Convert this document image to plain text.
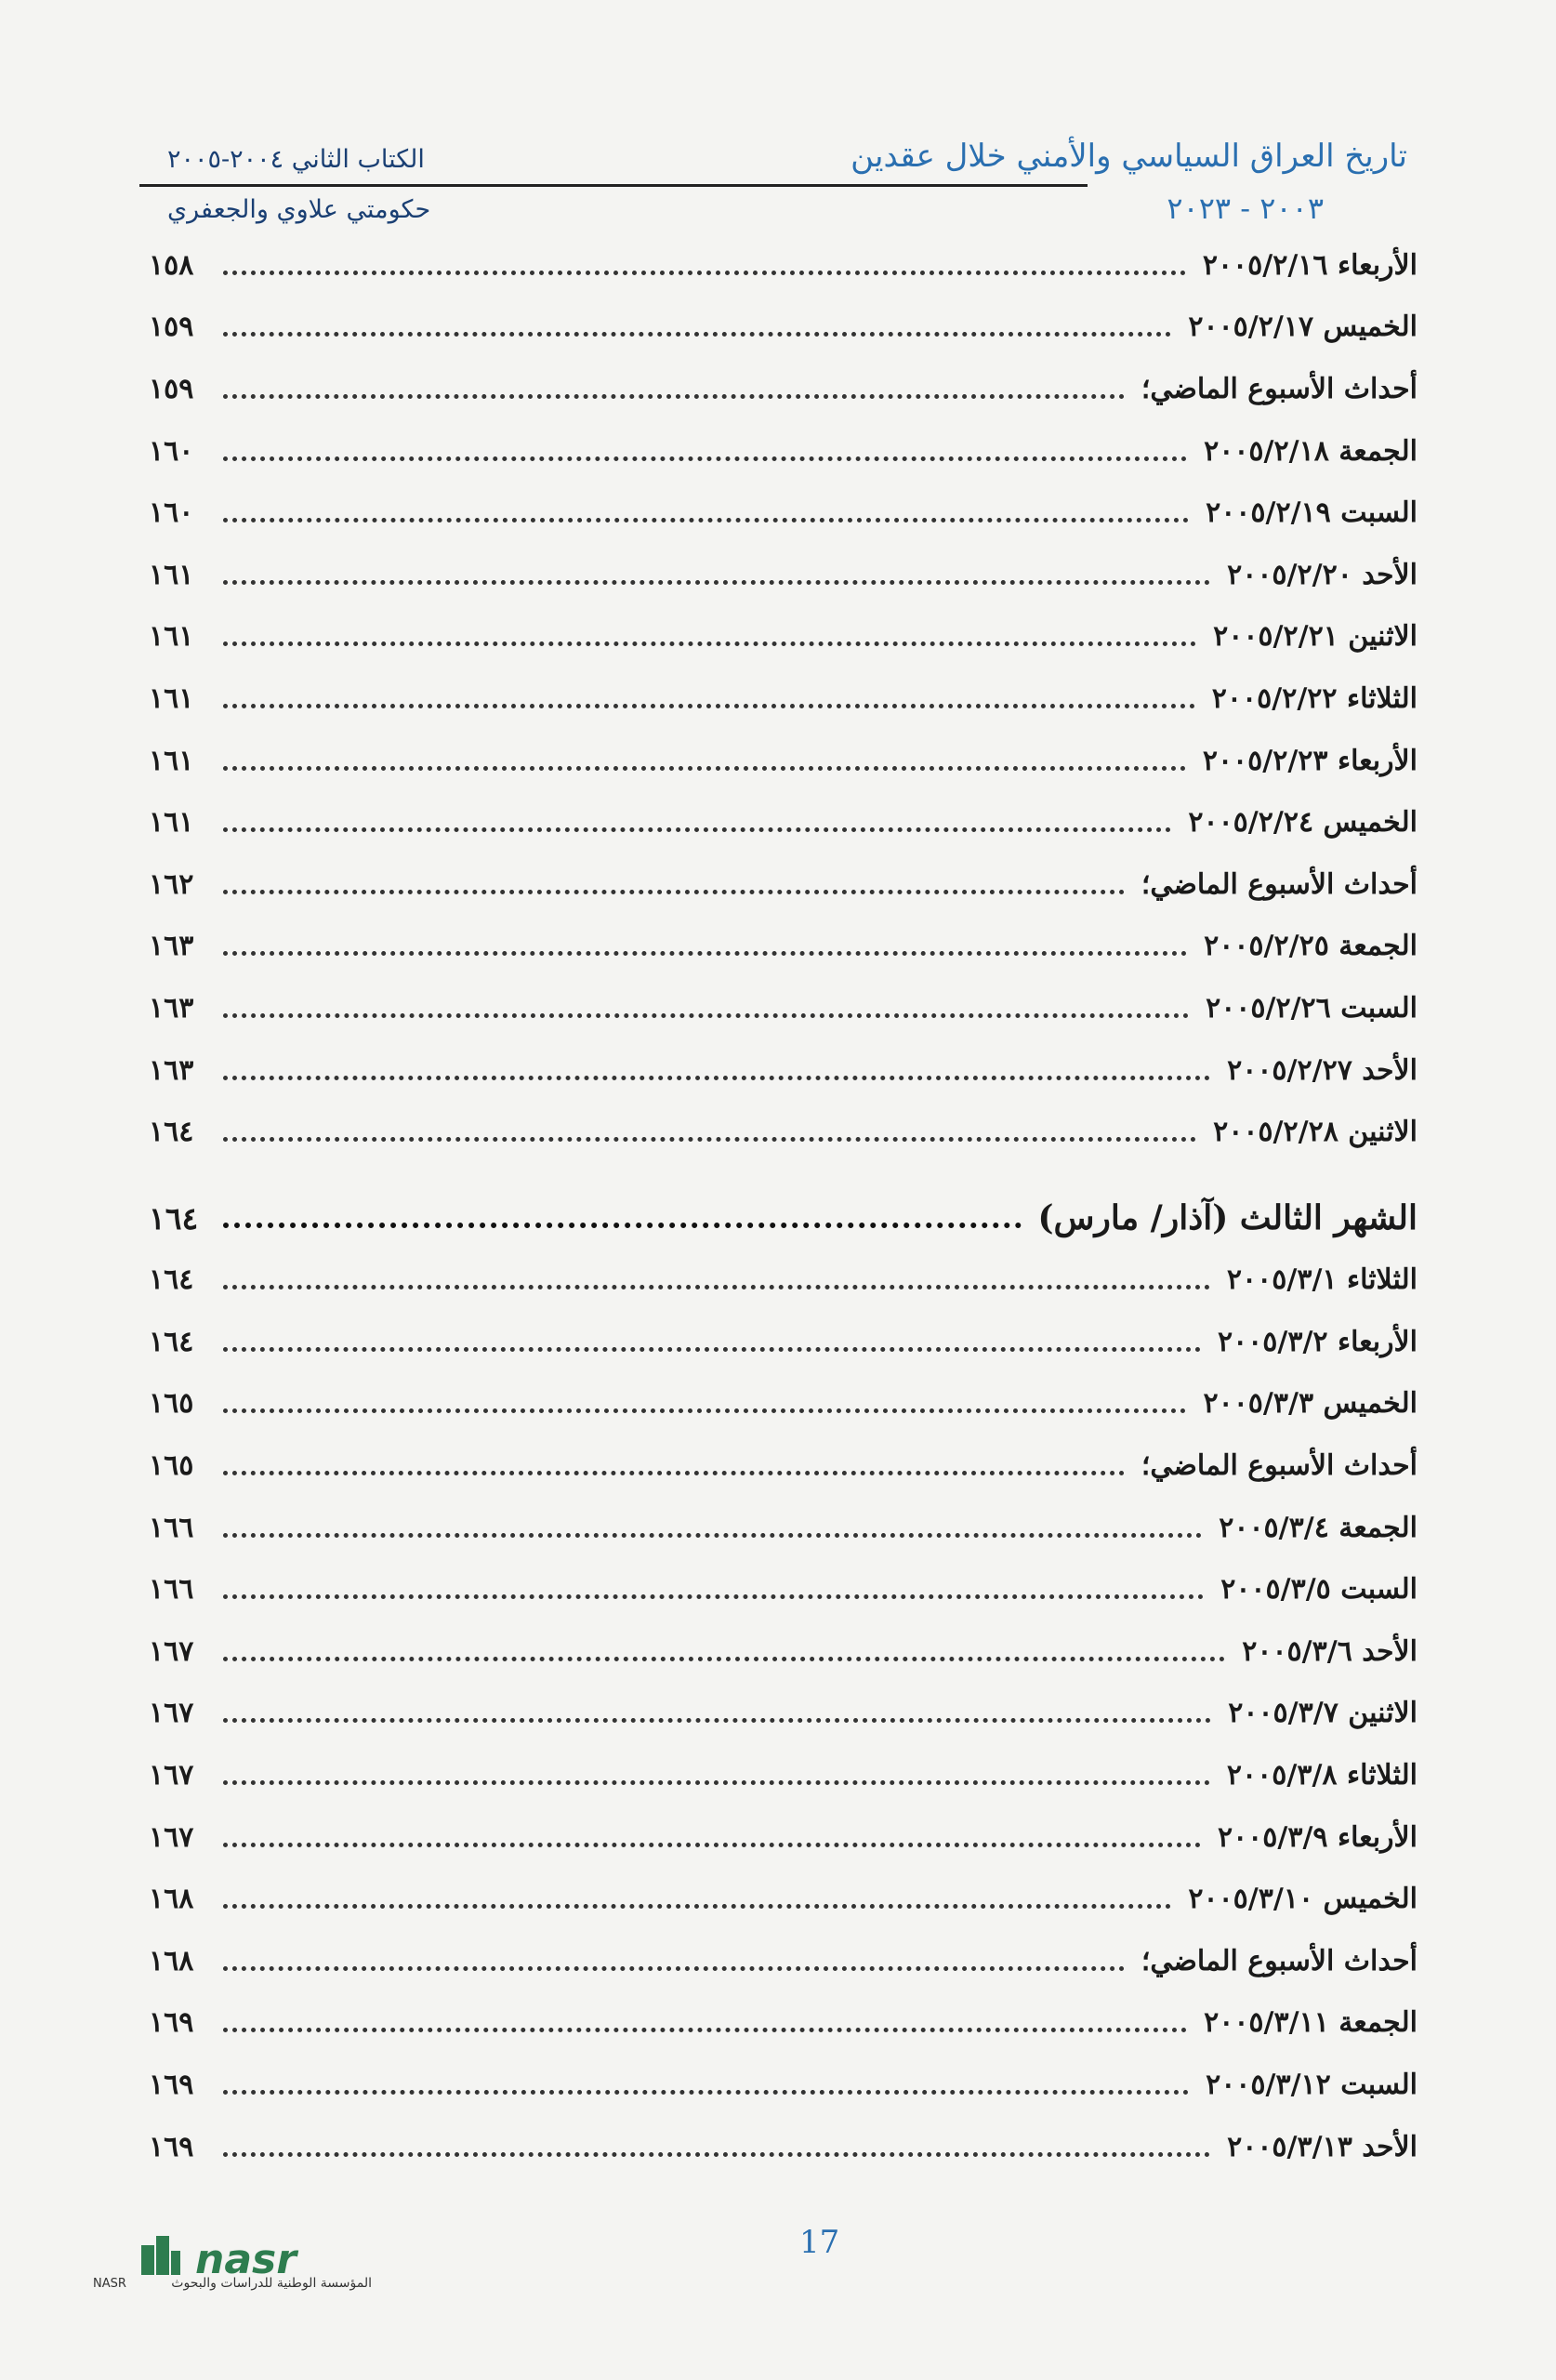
تاريخ العراق السياسي والأمني خلال عقدين
٢٠٠٣ - ٢٠٢٣
الكتاب الثاني ٢٠٠٤-٢٠٠٥
حكومتي علاوي والجعفري
الأربعاء ٢٠٠٥/٢/١٦
١٥٨
الخميس ٢٠٠٥/٢/١٧
١٥٩
أحداث الأسبوع الماضي؛
١٥٩
الجمعة ٢٠٠٥/٢/١٨
١٦٠
السبت ٢٠٠٥/٢/١٩
١٦٠
الأحد ٢٠٠٥/٢/٢٠
١٦١
الاثنين ٢٠٠٥/٢/٢١
١٦١
الثلاثاء ٢٠٠٥/٢/٢٢
١٦١
الأربعاء ٢٠٠٥/٢/٢٣
١٦١
الخميس ٢٠٠٥/٢/٢٤
١٦١
أحداث الأسبوع الماضي؛
١٦٢
الجمعة ٢٠٠٥/٢/٢٥
١٦٣
السبت ٢٠٠٥/٢/٢٦
١٦٣
الأحد ٢٠٠٥/٢/٢٧
١٦٣
الاثنين ٢٠٠٥/٢/٢٨
١٦٤
الشهر الثالث (آذار/ مارس)
١٦٤
الثلاثاء ٢٠٠٥/٣/١
١٦٤
الأربعاء ٢٠٠٥/٣/٢
١٦٤
الخميس ٢٠٠٥/٣/٣
١٦٥
أحداث الأسبوع الماضي؛
١٦٥
الجمعة ٢٠٠٥/٣/٤
١٦٦
السبت ٢٠٠٥/٣/٥
١٦٦
الأحد ٢٠٠٥/٣/٦
١٦٧
الاثنين ٢٠٠٥/٣/٧
١٦٧
الثلاثاء ٢٠٠٥/٣/٨
١٦٧
الأربعاء ٢٠٠٥/٣/٩
١٦٧
الخميس ٢٠٠٥/٣/١٠
١٦٨
أحداث الأسبوع الماضي؛
١٦٨
الجمعة ٢٠٠٥/٣/١١
١٦٩
السبت ٢٠٠٥/٣/١٢
١٦٩
الأحد ٢٠٠٥/٣/١٣
١٦٩
17
nasr
المؤسسة الوطنية للدراسات والبحوث
NASR
